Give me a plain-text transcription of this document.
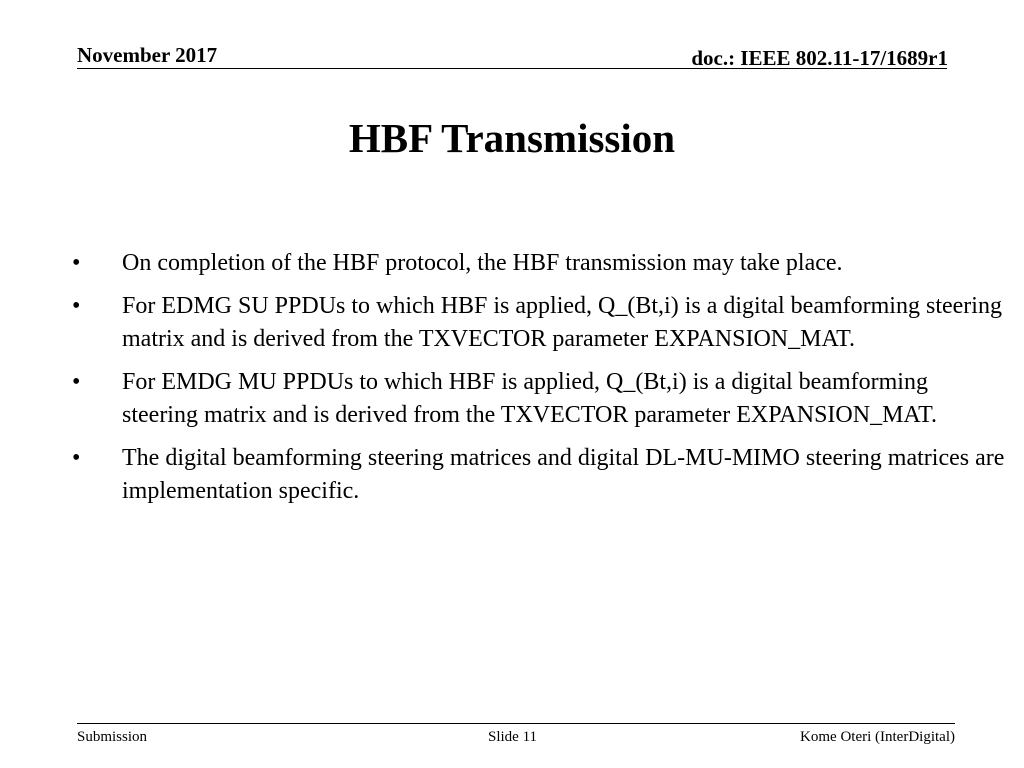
November 2017	doc.: IEEE 802.11-17/1689r1
HBF Transmission
• On completion of the HBF protocol, the HBF transmission may take place.
• For EDMG SU PPDUs to which HBF is applied, Q_(Bt,i) is a digital beamforming steering matrix and is derived from the TXVECTOR parameter EXPANSION_MAT.
• For EMDG MU PPDUs to which HBF is applied, Q_(Bt,i) is a digital beamforming steering matrix and is derived from the TXVECTOR parameter EXPANSION_MAT.
• The digital beamforming steering matrices and digital DL-MU-MIMO steering matrices are implementation specific.
Submission	Slide 11	Kome Oteri (InterDigital)
